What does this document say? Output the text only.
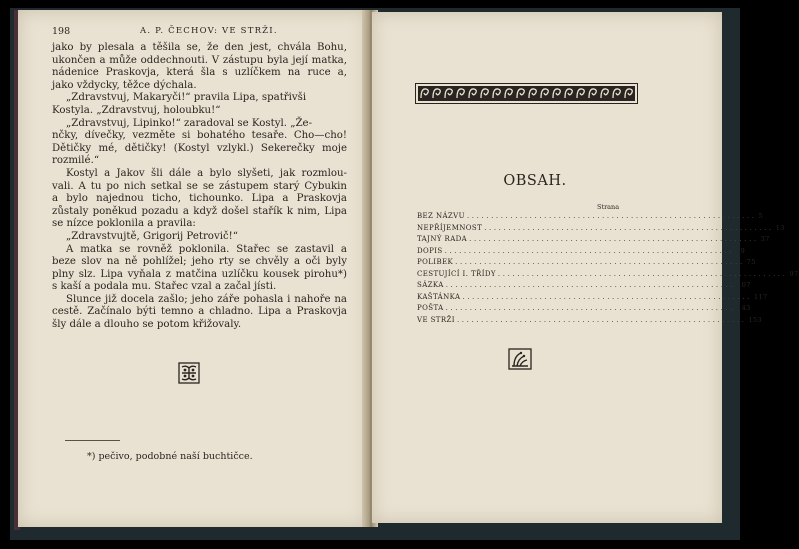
198	A. P. ČECHOV: VE STRŽI.
jako by plesala a těšila se, že den jest, chvála Bohu,
ukončen a může oddechnouti. V zástupu byla její matka,
nádenice Praskovja, která šla s uzlíčkem na ruce a,
jako vždycky, těžce dýchala.
„Zdravstvuj, Makaryči!“ pravila Lipa, spatřivši
Kostyla. „Zdravstvuj, holoubku!“
„Zdravstvuj, Lipinko!“ zaradoval se Kostyl. „Že-
nčky, dívečky, vezměte si bohatého tesaře. Cho—cho!
Dětičky mé, dětičky! (Kostyl vzlykl.) Sekerečky moje
rozmilé.“
Kostyl a Jakov šli dále a bylo slyšeti, jak rozmlou-
vali. A tu po nich setkal se se zástupem starý Cybukin
a bylo najednou ticho, tichounko. Lipa a Praskovja
zůstaly poněkud pozadu a když došel stařík k nim, Lipa
se nízce poklonila a pravila:
„Zdravstvujtě, Grigorij Petrovič!“
A matka se rovněž poklonila. Stařec se zastavil a
beze slov na ně pohlížel; jeho rty se chvěly a oči byly
plny slz. Lipa vyňala z matčina uzlíčku kousek pirohu*)
s kaší a podala mu. Stařec vzal a začal jísti.
Slunce již docela zašlo; jeho záře pohasla i nahoře na
cestě. Začínalo býti temno a chladno. Lipa a Praskovja
šly dále a dlouho se potom křižovaly.
*) pečivo, podobné naší buchtičce.
OBSAH.
Strana
BEZ NÁZVU ............................................................ 5
NEPŘÍJEMNOST ............................................................ 13
TAJNÝ RADA ............................................................ 37
DOPIS ............................................................ 59
POLIBEK ............................................................ 75
CESTUJÍCÍ I. TŘÍDY ............................................................ 97
SÁZKA ............................................................ 107
KAŠTÁNKA ............................................................ 117
POŠTA ............................................................ 143
VE STRŽI ............................................................ 153
